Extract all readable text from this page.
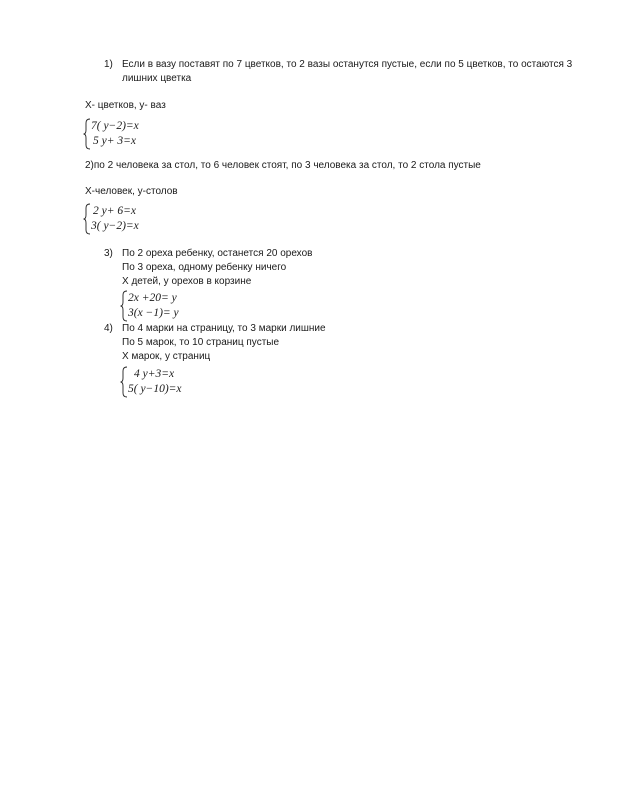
1) Если в вазу поставят по 7 цветков, то 2 вазы останутся пустые, если по 5 цветков, то остаются 3
лишних цветка
X- цветков, y- ваз
7( y−2)=x
5 y+ 3=x
2)по 2 человека за стол, то 6 человек стоят, по 3 человека за стол, то 2 стола пустые
X-человек, y-столов
2 y+ 6=x
3( y−2)=x
3) По 2 ореха ребенку, останется 20 орехов
По 3 ореха, одному ребенку ничего
X детей, y орехов в корзине
2x +20= y
3(x −1)= y
4) По 4 марки на страницу, то 3 марки лишние
По 5 марок, то 10 страниц пустые
X марок, y страниц
4 y+3=x
5( y−10)=x
